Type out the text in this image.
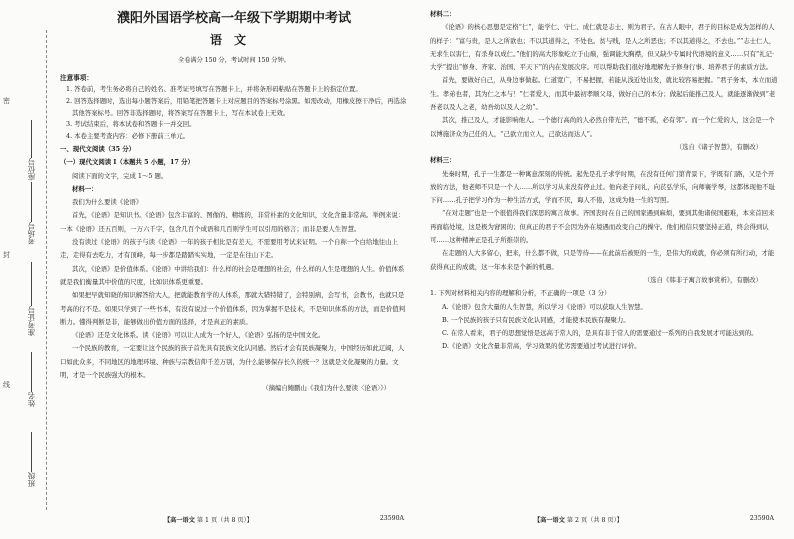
密
封
线
座位号
考场号
准考证号
姓名
班级
濮阳外国语学校高一年级下学期期中考试
语文
全卷满分 150 分，考试时间 150 分钟。
注意事项：

1. 答卷前，考生务必将自己的姓名、准考证号填写在答题卡上，并将条形码粘贴在答题卡上的指定位置。

2. 回答选择题时，选出每小题答案后，用铅笔把答题卡上对应题目的答案标号涂黑。如需改动，用橡皮擦干净后，再选涂其他答案标号。回答非选择题时，将答案写在答题卡上，写在本试卷上无效。

3. 考试结束后，将本试卷和答题卡一并交回。

4. 本卷主要考查内容：必修下册前三单元。

一、现代文阅读（35 分）

（一）现代文阅读 I（本题共 5 小题，17 分）

阅读下面的文字，完成 1～5 题。

材料一：

我们为什么要读《论语》

首先，《论语》是知识书。《论语》包含丰富的、图像的、精练的，非常朴素的文化知识，文化含量非常高。举例来说：一本《论语》还五百则，一万六千字，包含几百个成语和几百则学生可以引用的格言；而非是要人生智慧。

没有读过《论语》的孩子与读《论语》一年的孩子相比是有差天，不需要用考试来证明。一个自称一个白给地往山上走，走得有去吃力，才有顶峰，每一步都是踏踏实实地，一定是在往山下走。

其次，《论语》是价值体系。《论语》中讲给我们：什么样的社会是理想的社会，什么样的人生是理想的人生。价值体系就是我们衡量其中价值的尺度，比如识体系更重要。

如果把早就知晓的知识解答给大人，把就能教育学的人体系，那就大错特错了，会特别病，会写书，会教书，也就只是考高的行不是。如果只学到了一些书本，有没有说过一个价值体系，因为掌握不是技术，不是知识体系的方法，而是价值判断力。懂得判断是非，能够做出价值方面的选择，才是真正的素质。

《论语》还是文化体系。读《论语》可以让人成为一个好人，《论语》弘扬的是中国文化。

一个民族的教育，一定要让这个民族的孩子首先具有民族文化认同感。然后才会有民族凝聚力，中国经历如此辽阔，人口如此众多，不同地区的地理环境、种族与宗教信仰千差万别，为什么能够保存长久的统一？这就是文化凝聚的力量。文明，才是一个民族强大的根本。

（摘编自鲍鹏山《我们为什么要读〈论语〉》）

【高一语文 第 1 页（共 8 页）】	23590A

材料二：

《论语》的核心思想是定格“仁”，能学仁、守仁、成仁就是志士、则为君子。在古人眼中，君子的目标是成为怎样的人的样子：“富与贵，是人之所欲也；不以其道得之，不处也。贫与贱，是人之所恶也；不以其道得之，不去也。”“志士仁人，无求生以害仁，有杀身以成仁。”他们的高大形象屹立于山巅，强调能大胸襟，但又缺少专属时代语境的意义……只有“礼记·大学”提出“修身、齐家、治国、平天下”的内在发展次序。可以帮助我们很好地理解先子修身行事、培养君子的素质方法。

首先，要做好自己，从身边事做起。仁道宽广，不易把握，若能从浅近处出发，就比较容易把握。“君子务本，本立而道生。孝弟也者，其为仁之本与！”仁者爱人，而其中最初孝顺父母，做好自己的本分；做起后能推己及人，就能逐渐做到“老吾老以及人之老，幼吾幼以及人之幼”。

其次，推己及人，才能影响他人。一个德行高尚的人必然自带光芒，“德不孤，必有邻”。而一个仁爱的人，这会是一个以博施济众为己任的人，“己欲立而立人，己欲达而达人”。

（选自《诸子智慧》，有删改）

材料三：

先秦时期，孔子一生都是一种寓意深刻的传统。起先是孔子求学时期，在没有任何门第背景下，学既有门路，又是个开放的方法，他老师不只是一个人……所以学习从来没有停止过。他向老子问礼，向苌弘学乐，向师襄学琴，这都体现他不耻下问……孔子把学习作为一种生活方式，学而不厌，诲人不倦，这成为他一生的写照。

“在对走题”也是一个很值得我们深思的寓言故事。齐国丧时在自己的国家遇到麻烦，要到其他诸侯国避难，本来首回来再面临处境，这是极为窘困的；但真正的君子不会因为外在境遇而改变自己的操守。他们相信只要坚持正道，终会得到认可……这种精神正是孔子所推崇的。

在走题的人大多留心，把来，什么都不做，只是等待——在此前后被贬的一生，是伟大的成就，你必须有所行动，才能获得真正的成就，这一年本来是个新的机遇。

（选自《韩非子寓言故事赏析》，有删改）

1. 下列对材料相关内容的理解和分析，不正确的一项是（3 分）

A.《论语》包含大量的人生智慧，所以学习《论语》可以获取人生智慧。

B. 一个民族的孩子只有民族文化认同感，才能使本民族有凝聚力。

C. 在常人看来，君子的思想觉悟是远高于常人的，是具有非于常人的需要通过一系列的自我发展才可能达到的。

D.《论语》文化含量非常高，学习效果的优劣需要通过考试进行评价。

【高一语文 第 2 页（共 8 页）】	23590A
